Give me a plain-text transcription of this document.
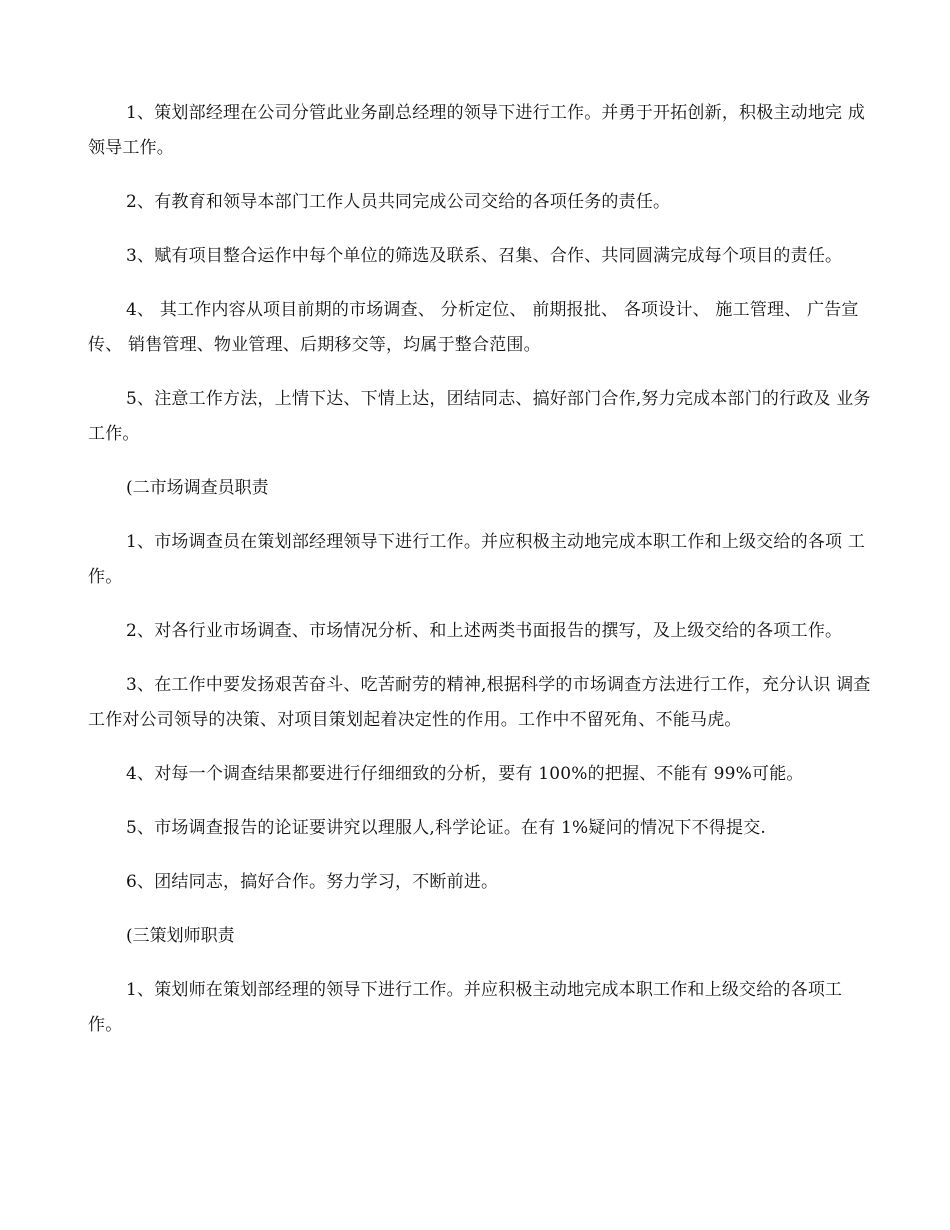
1、策划部经理在公司分管此业务副总经理的领导下进行工作。并勇于开拓创新，积极主动地完 成领导工作。

2、有教育和领导本部门工作人员共同完成公司交给的各项任务的责任。

3、赋有项目整合运作中每个单位的筛选及联系、召集、合作、共同圆满完成每个项目的责任。

4、 其工作内容从项目前期的市场调查、 分析定位、 前期报批、 各项设计、 施工管理、 广告宣传、 销售管理、物业管理、后期移交等，均属于整合范围。

5、注意工作方法，上情下达、下情上达，团结同志、搞好部门合作,努力完成本部门的行政及 业务工作。

(二市场调查员职责

1、市场调查员在策划部经理领导下进行工作。并应积极主动地完成本职工作和上级交给的各项 工作。

2、对各行业市场调查、市场情况分析、和上述两类书面报告的撰写，及上级交给的各项工作。

3、在工作中要发扬艰苦奋斗、吃苦耐劳的精神,根据科学的市场调查方法进行工作，充分认识 调查工作对公司领导的决策、对项目策划起着决定性的作用。工作中不留死角、不能马虎。

4、对每一个调查结果都要进行仔细细致的分析，要有 100%的把握、不能有 99%可能。

5、市场调查报告的论证要讲究以理服人,科学论证。在有 1%疑问的情况下不得提交.

6、团结同志，搞好合作。努力学习，不断前进。

(三策划师职责

1、策划师在策划部经理的领导下进行工作。并应积极主动地完成本职工作和上级交给的各项工 作。
